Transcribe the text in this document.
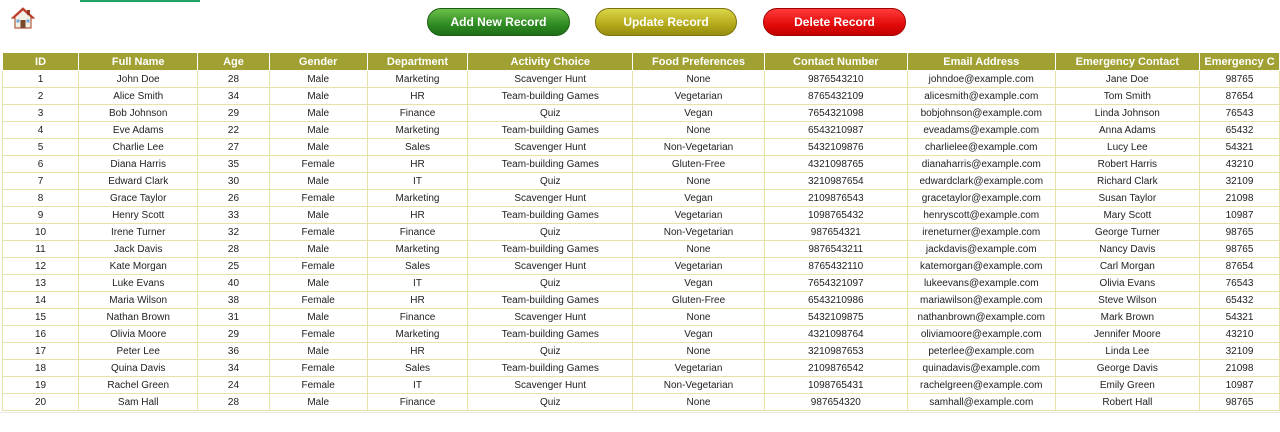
Add New Record	Update Record	Delete Record
ID	Full Name	Age	Gender	Department	Activity Choice	Food Preferences	Contact Number	Email Address	Emergency Contact	Emergency C
1	John Doe	28	Male	Marketing	Scavenger Hunt	None	9876543210	johndoe@example.com	Jane Doe	98765
2	Alice Smith	34	Male	HR	Team-building Games	Vegetarian	8765432109	alicesmith@example.com	Tom Smith	87654
3	Bob Johnson	29	Male	Finance	Quiz	Vegan	7654321098	bobjohnson@example.com	Linda Johnson	76543
4	Eve Adams	22	Male	Marketing	Team-building Games	None	6543210987	eveadams@example.com	Anna Adams	65432
5	Charlie Lee	27	Male	Sales	Scavenger Hunt	Non-Vegetarian	5432109876	charlielee@example.com	Lucy Lee	54321
6	Diana Harris	35	Female	HR	Team-building Games	Gluten-Free	4321098765	dianaharris@example.com	Robert Harris	43210
7	Edward Clark	30	Male	IT	Quiz	None	3210987654	edwardclark@example.com	Richard Clark	32109
8	Grace Taylor	26	Female	Marketing	Scavenger Hunt	Vegan	2109876543	gracetaylor@example.com	Susan Taylor	21098
9	Henry Scott	33	Male	HR	Team-building Games	Vegetarian	1098765432	henryscott@example.com	Mary Scott	10987
10	Irene Turner	32	Female	Finance	Quiz	Non-Vegetarian	987654321	ireneturner@example.com	George Turner	98765
11	Jack Davis	28	Male	Marketing	Team-building Games	None	9876543211	jackdavis@example.com	Nancy Davis	98765
12	Kate Morgan	25	Female	Sales	Scavenger Hunt	Vegetarian	8765432110	katemorgan@example.com	Carl Morgan	87654
13	Luke Evans	40	Male	IT	Quiz	Vegan	7654321097	lukeevans@example.com	Olivia Evans	76543
14	Maria Wilson	38	Female	HR	Team-building Games	Gluten-Free	6543210986	mariawilson@example.com	Steve Wilson	65432
15	Nathan Brown	31	Male	Finance	Scavenger Hunt	None	5432109875	nathanbrown@example.com	Mark Brown	54321
16	Olivia Moore	29	Female	Marketing	Team-building Games	Vegan	4321098764	oliviamoore@example.com	Jennifer Moore	43210
17	Peter Lee	36	Male	HR	Quiz	None	3210987653	peterlee@example.com	Linda Lee	32109
18	Quina Davis	34	Female	Sales	Team-building Games	Vegetarian	2109876542	quinadavis@example.com	George Davis	21098
19	Rachel Green	24	Female	IT	Scavenger Hunt	Non-Vegetarian	1098765431	rachelgreen@example.com	Emily Green	10987
20	Sam Hall	28	Male	Finance	Quiz	None	987654320	samhall@example.com	Robert Hall	98765
